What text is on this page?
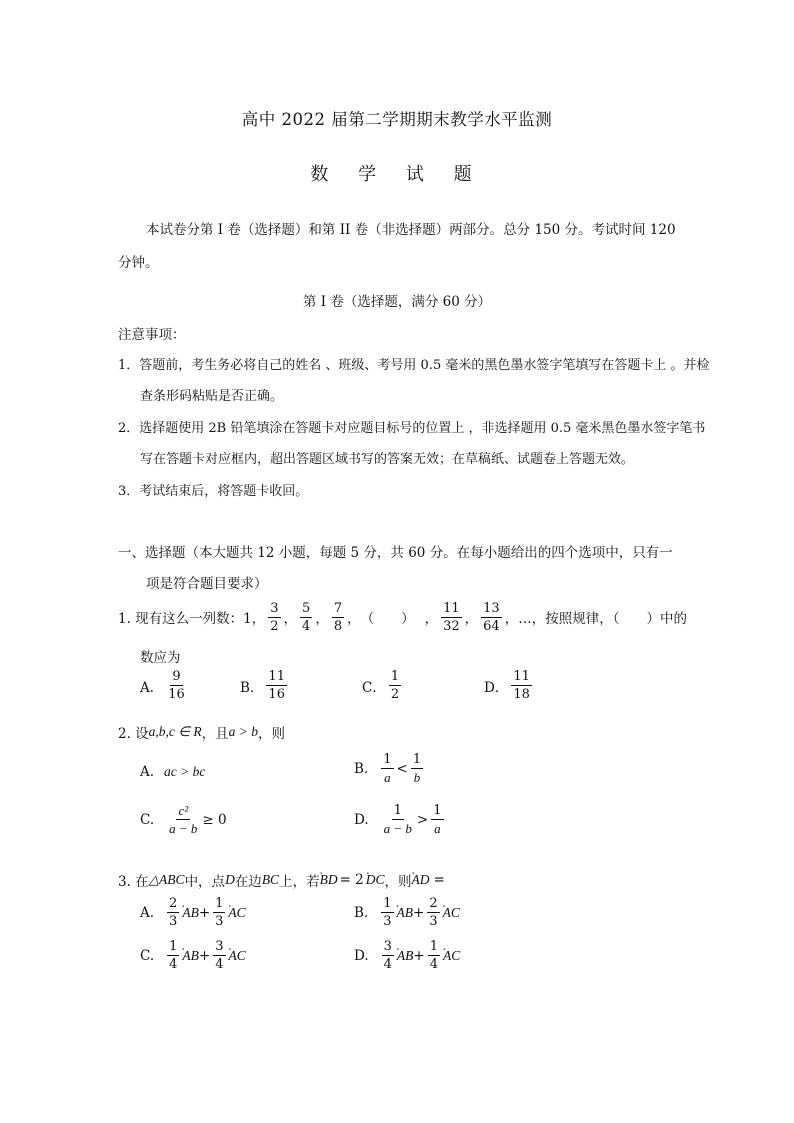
高中 2022 届第二学期期末教学水平监测
数 学 试 题
本试卷分第 I 卷（选择题）和第 II 卷（非选择题）两部分。总分 150 分。考试时间 120
分钟。
第 I 卷（选择题，满分 60 分）
注意事项：
1．答题前，考生务必将自己的姓名 、班级、考号用 0.5 毫米的黑色墨水签字笔填写在答题卡上 。并检
查条形码粘贴是否正确。
2．选择题使用 2B 铅笔填涂在答题卡对应题目标号的位置上 ，非选择题用 0.5 毫米黑色墨水签字笔书
写在答题卡对应框内，超出答题区域书写的答案无效；在草稿纸、试题卷上答题无效。
3．考试结束后，将答题卡收回。
一、选择题（本大题共 12 小题，每题 5 分，共 60 分。在每小题给出的四个选项中，只有一
项是符合题目要求）
1. 现有这么一列数：1， $\frac{3}{2}$ ， $\frac{5}{4}$ ， $\frac{7}{8}$ ， （　　） ， $\frac{11}{32}$ ， $\frac{13}{64}$ ，…，按照规律，（　　）中的
数应为
A． $\frac{9}{16}$	B． $\frac{11}{16}$	C． $\frac{1}{2}$	D． $\frac{11}{18}$
2. 设 a,b,c ∈ R ，且 a > b ，则
A. ac > bc	B. $\frac{1}{a} < \frac{1}{b}$
C. $\frac{\text{c²}}{a - b} \ge 0$	D. $\frac{1}{a - b} > \frac{1}{a}$
3. 在 △ABC 中，点 D 在边 BC 上，若 〪〪〪 BD = 2 〪〪〪 DC ，则 〪〪〪 AD =
A. $\frac{2}{3}$ 〪〪〪 AB + $\frac{1}{3}$ 〪〪〪 AC	B. $\frac{1}{3}$ 〪〪〪 AB + $\frac{2}{3}$ 〪〪〪 AC
C. $\frac{1}{4}$ 〪〪〪 AB + $\frac{3}{4}$ 〪〪〪 AC	D. $\frac{3}{4}$ 〪〪〪 AB + $\frac{1}{4}$ 〪〪〪 AC
